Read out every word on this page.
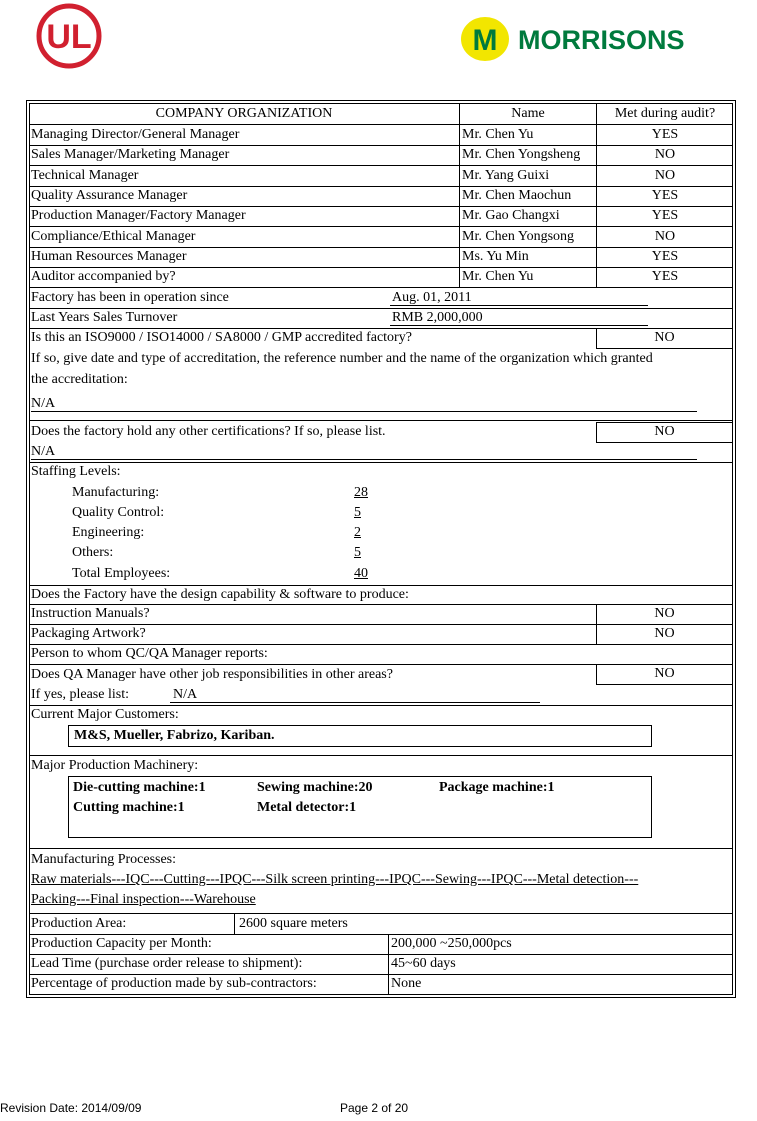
UL	M MORRISONS
COMPANY ORGANIZATION	Name	Met during audit?
Managing Director/General Manager	Mr. Chen Yu	YES
Sales Manager/Marketing Manager	Mr. Chen Yongsheng	NO
Technical Manager	Mr. Yang Guixi	NO
Quality Assurance Manager	Mr. Chen Maochun	YES
Production Manager/Factory Manager	Mr. Gao Changxi	YES
Compliance/Ethical Manager	Mr. Chen Yongsong	NO
Human Resources Manager	Ms. Yu Min	YES
Auditor accompanied by?	Mr. Chen Yu	YES
Factory has been in operation since	Aug. 01, 2011
Last Years Sales Turnover	RMB 2,000,000
Is this an ISO9000 / ISO14000 / SA8000 / GMP accredited factory?	NO
If so, give date and type of accreditation, the reference number and the name of the organization which granted
the accreditation:
N/A
Does the factory hold any other certifications? If so, please list.	NO
N/A
Staffing Levels:
Manufacturing:	28
Quality Control:	5
Engineering:	2
Others:	5
Total Employees:	40
Does the Factory have the design capability & software to produce:
Instruction Manuals?	NO
Packaging Artwork?	NO
Person to whom QC/QA Manager reports:
Does QA Manager have other job responsibilities in other areas?	NO
If yes, please list:	N/A
Current Major Customers:
M&S, Mueller, Fabrizo, Kariban.
Major Production Machinery:
Die-cutting machine:1	Sewing machine:20	Package machine:1
Cutting machine:1	Metal detector:1
Manufacturing Processes:
Raw materials---IQC---Cutting---IPQC---Silk screen printing---IPQC---Sewing---IPQC---Metal detection---
Packing---Final inspection---Warehouse
Production Area:	2600 square meters
Production Capacity per Month:	200,000 ~250,000pcs
Lead Time (purchase order release to shipment):	45~60 days
Percentage of production made by sub-contractors:	None
Revision Date: 2014/09/09	Page 2 of 20
